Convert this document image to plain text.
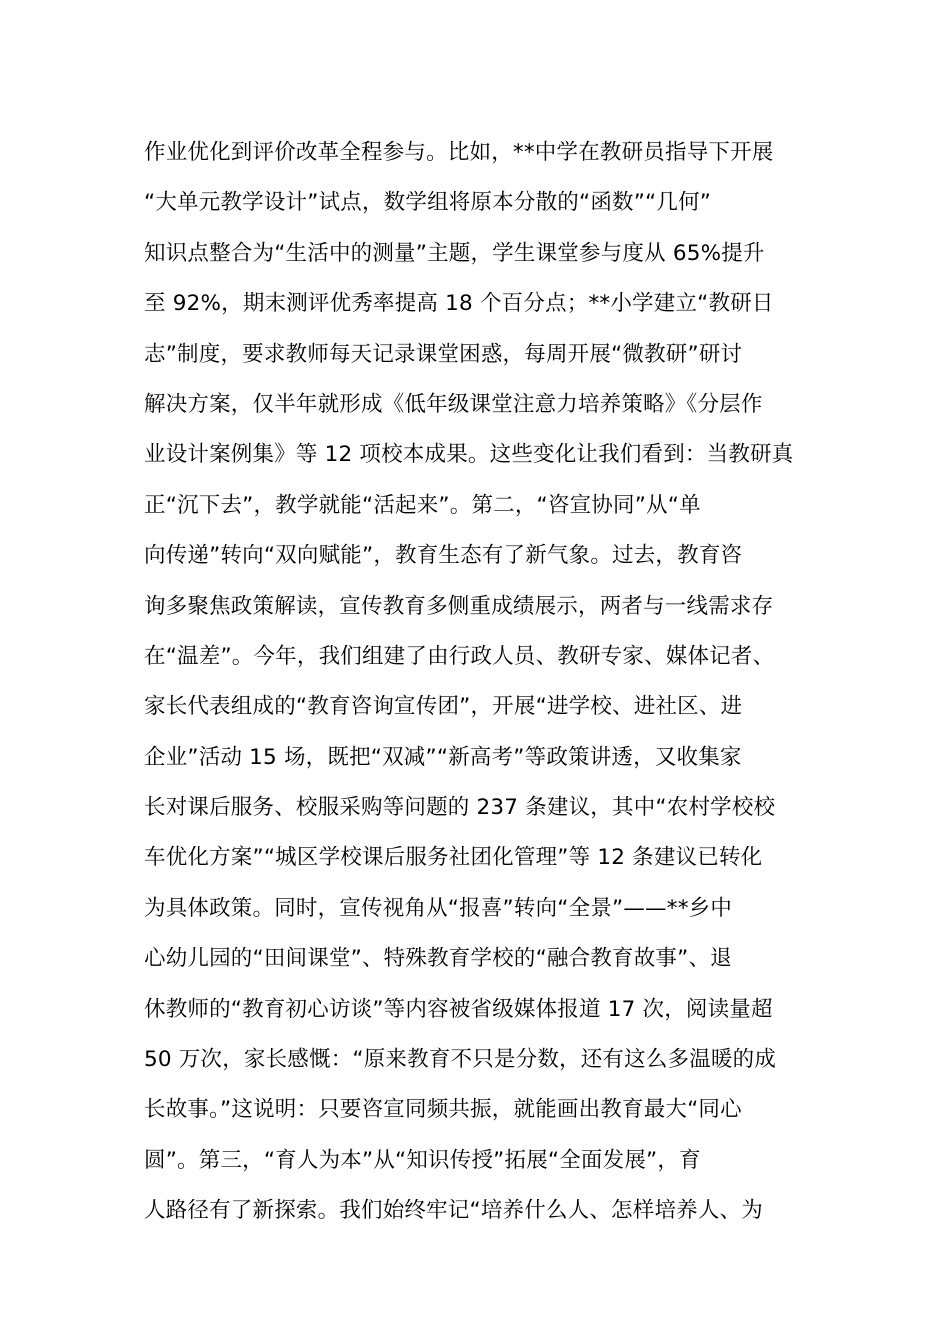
作业优化到评价改革全程参与。比如，**中学在教研员指导下开展
“大单元教学设计”试点，数学组将原本分散的“函数”“几何”
知识点整合为“生活中的测量”主题，学生课堂参与度从 65%提升
至 92%，期末测评优秀率提高 18 个百分点；**小学建立“教研日
志”制度，要求教师每天记录课堂困惑，每周开展“微教研”研讨
解决方案，仅半年就形成《低年级课堂注意力培养策略》《分层作
业设计案例集》等 12 项校本成果。这些变化让我们看到：当教研真
正“沉下去”，教学就能“活起来”。第二，“咨宣协同”从“单
向传递”转向“双向赋能”，教育生态有了新气象。过去，教育咨
询多聚焦政策解读，宣传教育多侧重成绩展示，两者与一线需求存
在“温差”。今年，我们组建了由行政人员、教研专家、媒体记者、
家长代表组成的“教育咨询宣传团”，开展“进学校、进社区、进
企业”活动 15 场，既把“双减”“新高考”等政策讲透，又收集家
长对课后服务、校服采购等问题的 237 条建议，其中“农村学校校
车优化方案”“城区学校课后服务社团化管理”等 12 条建议已转化
为具体政策。同时，宣传视角从“报喜”转向“全景”——**乡中
心幼儿园的“田间课堂”、特殊教育学校的“融合教育故事”、退
休教师的“教育初心访谈”等内容被省级媒体报道 17 次，阅读量超
50 万次，家长感慨：“原来教育不只是分数，还有这么多温暖的成
长故事。”这说明：只要咨宣同频共振，就能画出教育最大“同心
圆”。第三，“育人为本”从“知识传授”拓展“全面发展”，育
人路径有了新探索。我们始终牢记“培养什么人、怎样培养人、为
